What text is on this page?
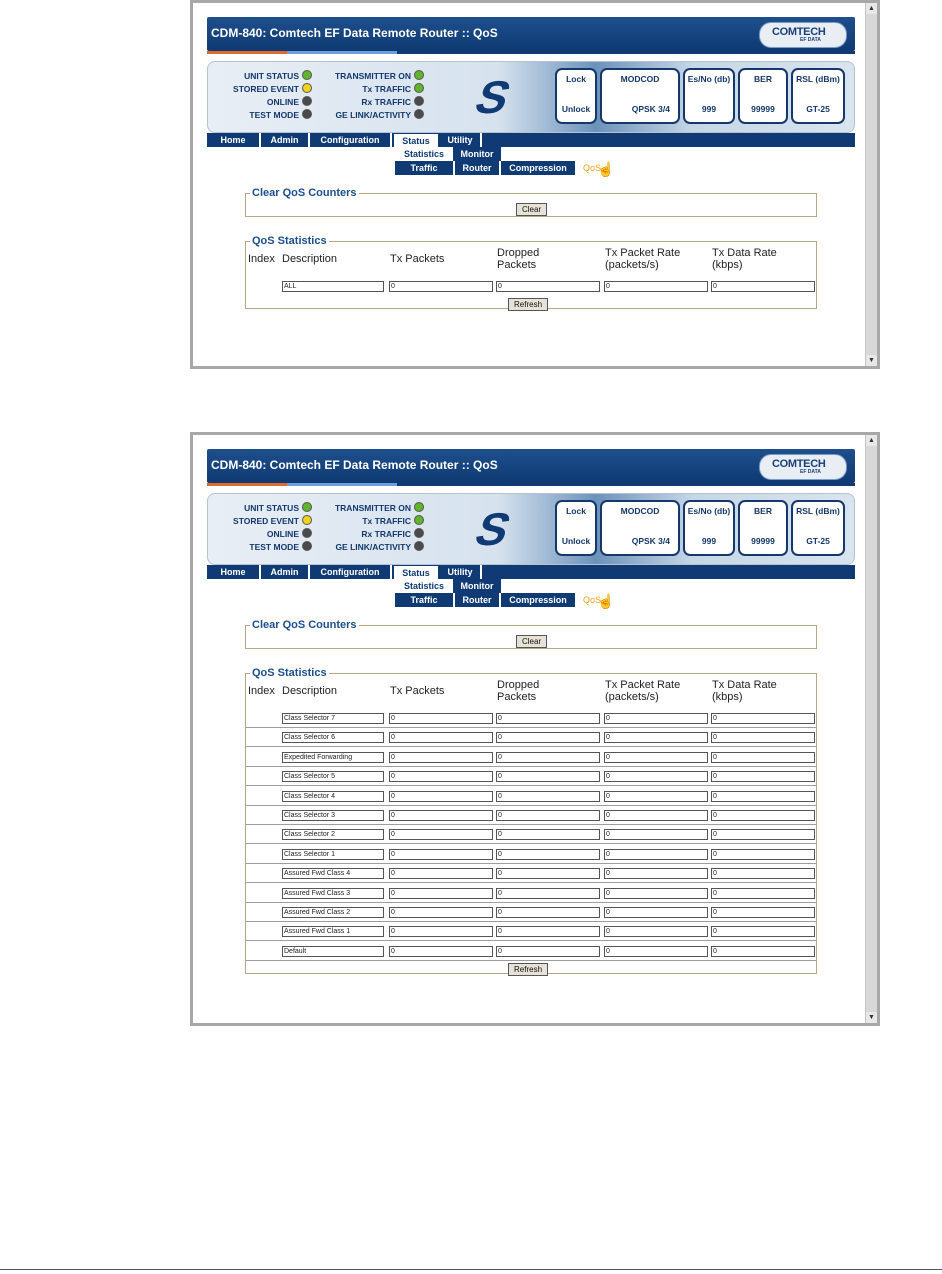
▲
▼
CDM-840: Comtech EF Data Remote Router :: QoS	COMTECH
EF DATA
UNIT STATUS
STORED EVENT
ONLINE
TEST MODE
TRANSMITTER ON
Tx TRAFFIC
Rx TRAFFIC
GE LINK/ACTIVITY S	Lock
Unlock
MODCOD
QPSK 3/4
Es/No (db)
999
BER
99999
RSL (dBm)
GT-25
Home	Admin	Configuration	Status	Utility
Statistics	Monitor
Traffic	Router	Compression	QoS
☝
Clear QoS Counters
Clear
QoS Statistics
Index Description	Tx Packets	Dropped
Packets
Tx Packet Rate
(packets/s)
Tx Data Rate
(kbps)
ALL	0	0	0	0
Refresh
▲
▼
CDM-840: Comtech EF Data Remote Router :: QoS	COMTECH
EF DATA
UNIT STATUS
STORED EVENT
ONLINE
TEST MODE
TRANSMITTER ON
Tx TRAFFIC
Rx TRAFFIC
GE LINK/ACTIVITY S	Lock
Unlock
MODCOD
QPSK 3/4
Es/No (db)
999
BER
99999
RSL (dBm)
GT-25
Home	Admin	Configuration	Status	Utility
Statistics	Monitor
Traffic	Router	Compression	QoS
☝
Clear QoS Counters
Clear
QoS Statistics
Index Description	Tx Packets	Dropped
Packets
Tx Packet Rate
(packets/s)
Tx Data Rate
(kbps)
Class Selector 7	0	0	0	0
Class Selector 6	0	0	0	0
Expedited Forwarding	0	0	0	0
Class Selector 5	0	0	0	0
Class Selector 4	0	0	0	0
Class Selector 3	0	0	0	0
Class Selector 2	0	0	0	0
Class Selector 1	0	0	0	0
Assured Fwd Class 4	0	0	0	0
Assured Fwd Class 3	0	0	0	0
Assured Fwd Class 2	0	0	0	0
Assured Fwd Class 1	0	0	0	0
Default	0	0	0	0
Refresh
